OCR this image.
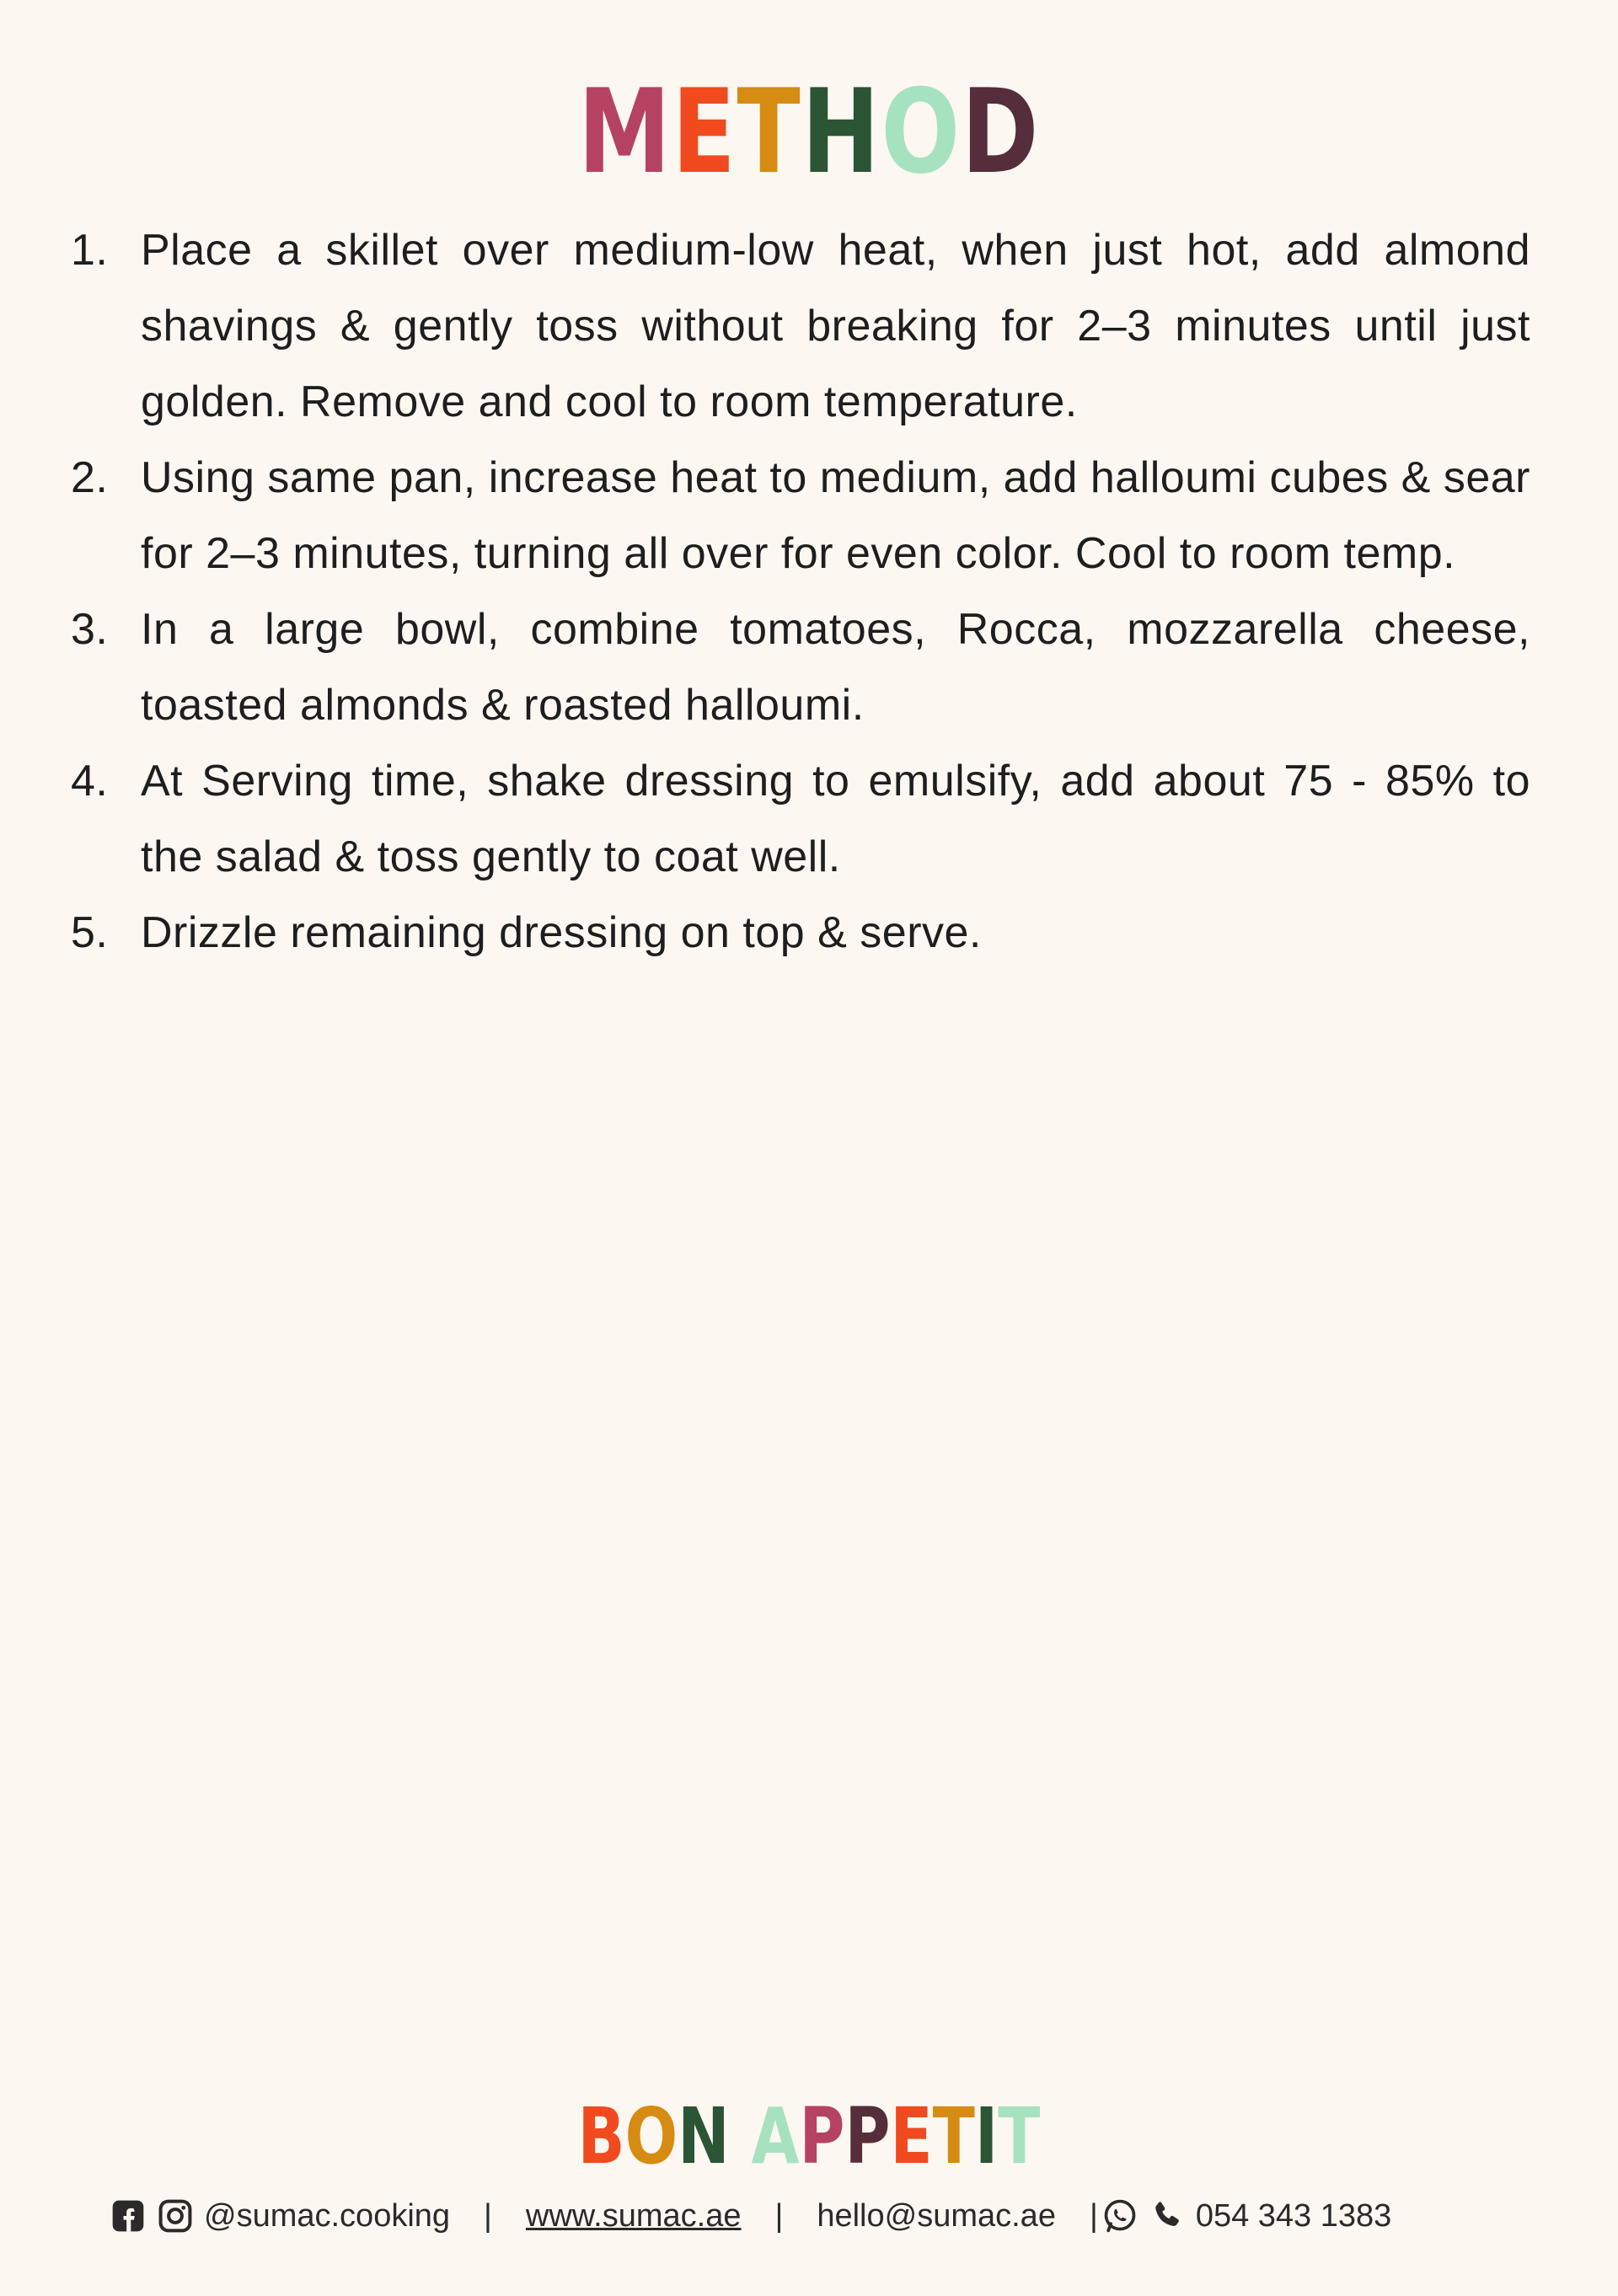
METHOD
1. Place a skillet over medium-low heat, when just hot, add almond shavings & gently toss without breaking for 2–3 minutes until just golden. Remove and cool to room temperature.
2. Using same pan, increase heat to medium, add halloumi cubes & sear for 2–3 minutes, turning all over for even color. Cool to room temp.
3. In a large bowl, combine tomatoes, Rocca, mozzarella cheese, toasted almonds & roasted halloumi.
4. At Serving time, shake dressing to emulsify, add about 75 - 85% to the salad & toss gently to coat well.
5. Drizzle remaining dressing on top & serve.
BON APPETIT
@sumac.cooking | www.sumac.ae | hello@sumac.ae |	054 343 1383
